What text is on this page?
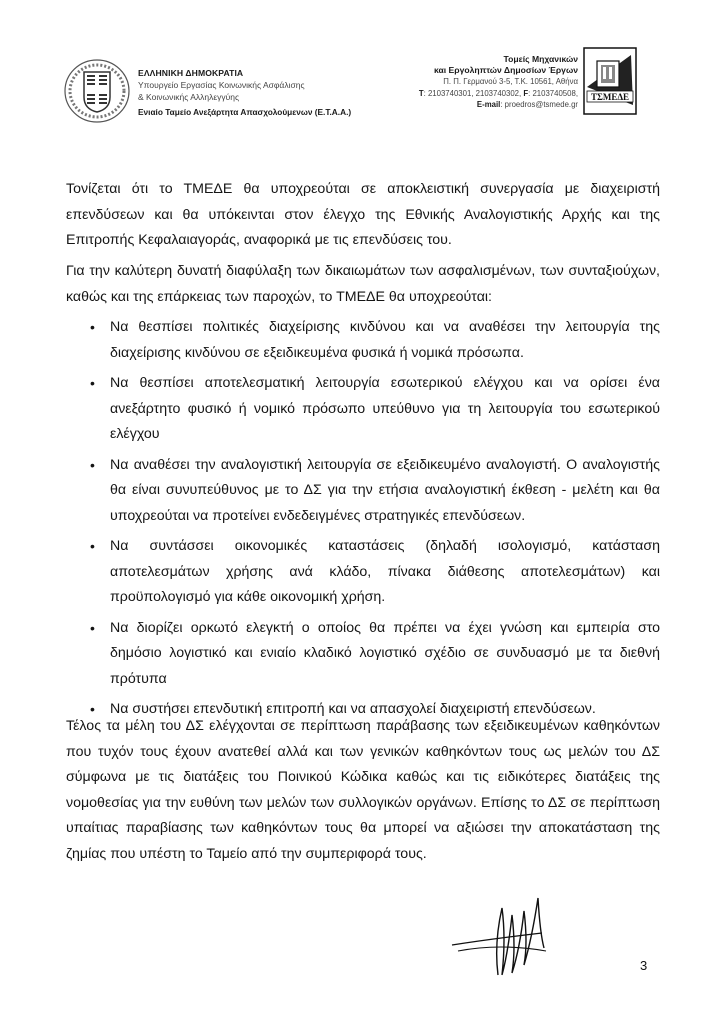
ΕΛΛΗΝΙΚΗ ΔΗΜΟΚΡΑΤΙΑ
Υπουργείο Εργασίας Κοινωνικής Ασφάλισης
& Κοινωνικής Αλληλεγγύης
Ενιαίο Ταμείο Ανεξάρτητα Απασχολούμενων (Ε.Τ.Α.Α.)
Τομείς Μηχανικών
και Εργοληπτών Δημοσίων Έργων
Π. Π. Γερμανού 3-5, Τ.Κ. 10561, Αθήνα
T: 2103740301, 2103740302, F: 2103740508,
E-mail: proedros@tsmede.gr
ΤΣΜΕΔΕ

Τονίζεται ότι το ΤΜΕΔΕ θα υποχρεούται σε αποκλειστική συνεργασία με διαχειριστή επενδύσεων και θα υπόκεινται στον έλεγχο της Εθνικής Αναλογιστικής Αρχής και της Επιτροπής Κεφαλαιαγοράς, αναφορικά με τις επενδύσεις του.

Για την καλύτερη δυνατή διαφύλαξη των δικαιωμάτων των ασφαλισμένων, των συνταξιούχων, καθώς και της επάρκειας των παροχών, το ΤΜΕΔΕ θα υποχρεούται:

• Να θεσπίσει πολιτικές διαχείρισης κινδύνου και να αναθέσει την λειτουργία της διαχείρισης κινδύνου σε εξειδικευμένα φυσικά ή νομικά πρόσωπα.
• Να θεσπίσει αποτελεσματική λειτουργία εσωτερικού ελέγχου και να ορίσει ένα ανεξάρτητο φυσικό ή νομικό πρόσωπο υπεύθυνο για τη λειτουργία του εσωτερικού ελέγχου
• Να αναθέσει την αναλογιστική λειτουργία σε εξειδικευμένο αναλογιστή. Ο αναλογιστής θα είναι συνυπεύθυνος με το ΔΣ για την ετήσια αναλογιστική έκθεση - μελέτη και θα υποχρεούται να προτείνει ενδεδειγμένες στρατηγικές επενδύσεων.
• Να συντάσσει οικονομικές καταστάσεις (δηλαδή ισολογισμό, κατάσταση αποτελεσμάτων χρήσης ανά κλάδο, πίνακα διάθεσης αποτελεσμάτων) και προϋπολογισμό για κάθε οικονομική χρήση.
• Να διορίζει ορκωτό ελεγκτή ο οποίος θα πρέπει να έχει γνώση και εμπειρία στο δημόσιο λογιστικό και ενιαίο κλαδικό λογιστικό σχέδιο σε συνδυασμό με τα διεθνή πρότυπα
• Να συστήσει επενδυτική επιτροπή και να απασχολεί διαχειριστή επενδύσεων.

Τέλος τα μέλη του ΔΣ ελέγχονται σε περίπτωση παράβασης των εξειδικευμένων καθηκόντων που τυχόν τους έχουν ανατεθεί αλλά και των γενικών καθηκόντων τους ως μελών του ΔΣ σύμφωνα με τις διατάξεις του Ποινικού Κώδικα καθώς και τις ειδικότερες διατάξεις της νομοθεσίας για την ευθύνη των μελών των συλλογικών οργάνων. Επίσης το ΔΣ σε περίπτωση υπαίτιας παραβίασης των καθηκόντων τους θα μπορεί να αξιώσει την αποκατάσταση της ζημίας που υπέστη το Ταμείο από την συμπεριφορά τους.

3
